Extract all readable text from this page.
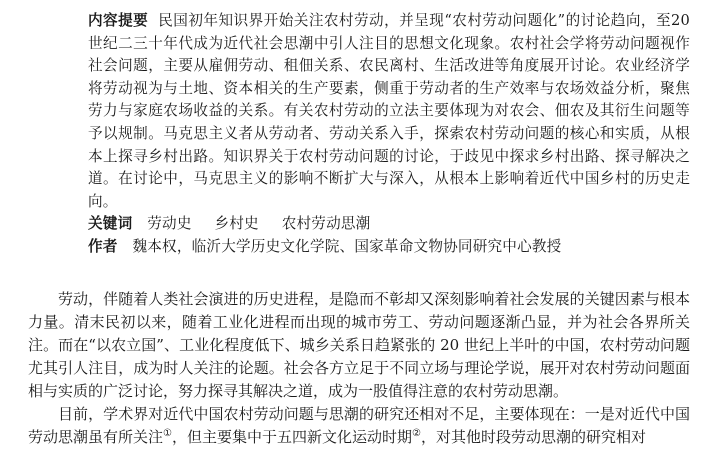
内容提要 民国初年知识界开始关注农村劳动，并呈现“农村劳动问题化”的讨论趋向，至20世纪二三十年代成为近代社会思潮中引人注目的思想文化现象。农村社会学将劳动问题视作社会问题，主要从雇佣劳动、租佃关系、农民离村、生活改进等角度展开讨论。农业经济学将劳动视为与土地、资本相关的生产要素，侧重于劳动者的生产效率与农场效益分析，聚焦劳力与家庭农场收益的关系。有关农村劳动的立法主要体现为对农会、佃农及其衍生问题等予以规制。马克思主义者从劳动者、劳动关系入手，探索农村劳动问题的核心和实质，从根本上探寻乡村出路。知识界关于农村劳动问题的讨论，于歧见中探求乡村出路、探寻解决之道。在讨论中，马克思主义的影响不断扩大与深入，从根本上影响着近代中国乡村的历史走向。

关键词 劳动史 乡村史 农村劳动思潮

作者 魏本权，临沂大学历史文化学院、国家革命文物协同研究中心教授

劳动，伴随着人类社会演进的历史进程，是隐而不彰却又深刻影响着社会发展的关键因素与根本力量。清末民初以来，随着工业化进程而出现的城市劳工、劳动问题逐渐凸显，并为社会各界所关注。而在“以农立国”、工业化程度低下、城乡关系日趋紧张的 20 世纪上半叶的中国，农村劳动问题尤其引人注目，成为时人关注的论题。社会各方立足于不同立场与理论学说，展开对农村劳动问题面相与实质的广泛讨论，努力探寻其解决之道，成为一股值得注意的农村劳动思潮。

目前，学术界对近代中国农村劳动问题与思潮的研究还相对不足，主要体现在：一是对近代中国劳动思潮虽有所关注①，但主要集中于五四新文化运动时期②，对其他时段劳动思潮的研究相对
